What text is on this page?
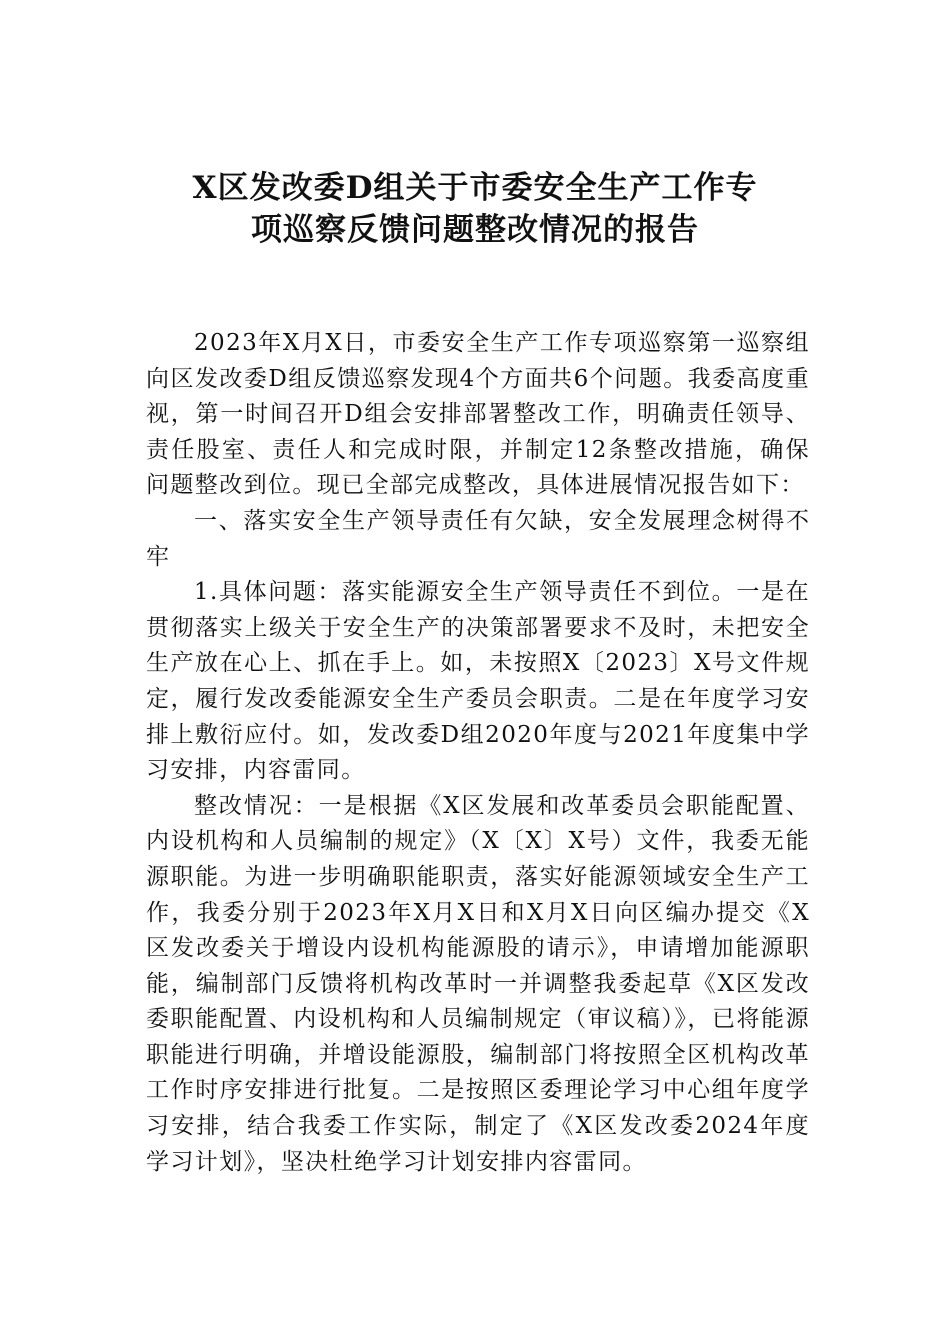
X区发改委D组关于市委安全生产工作专
项巡察反馈问题整改情况的报告

2023年X月X日，市委安全生产工作专项巡察第一巡察组向区发改委D组反馈巡察发现4个方面共6个问题。我委高度重视，第一时间召开D组会安排部署整改工作，明确责任领导、责任股室、责任人和完成时限，并制定12条整改措施，确保问题整改到位。现已全部完成整改，具体进展情况报告如下：

一、落实安全生产领导责任有欠缺，安全发展理念树得不牢

1.具体问题：落实能源安全生产领导责任不到位。一是在贯彻落实上级关于安全生产的决策部署要求不及时，未把安全生产放在心上、抓在手上。如，未按照X〔2023〕X号文件规定，履行发改委能源安全生产委员会职责。二是在年度学习安排上敷衍应付。如，发改委D组2020年度与2021年度集中学习安排，内容雷同。

整改情况：一是根据《X区发展和改革委员会职能配置、内设机构和人员编制的规定》（X〔X〕X号）文件，我委无能源职能。为进一步明确职能职责，落实好能源领域安全生产工作，我委分别于2023年X月X日和X月X日向区编办提交《X区发改委关于增设内设机构能源股的请示》，申请增加能源职能，编制部门反馈将机构改革时一并调整我委起草《X区发改委职能配置、内设机构和人员编制规定（审议稿）》，已将能源职能进行明确，并增设能源股，编制部门将按照全区机构改革工作时序安排进行批复。二是按照区委理论学习中心组年度学习安排，结合我委工作实际，制定了《X区发改委2024年度学习计划》，坚决杜绝学习计划安排内容雷同。
